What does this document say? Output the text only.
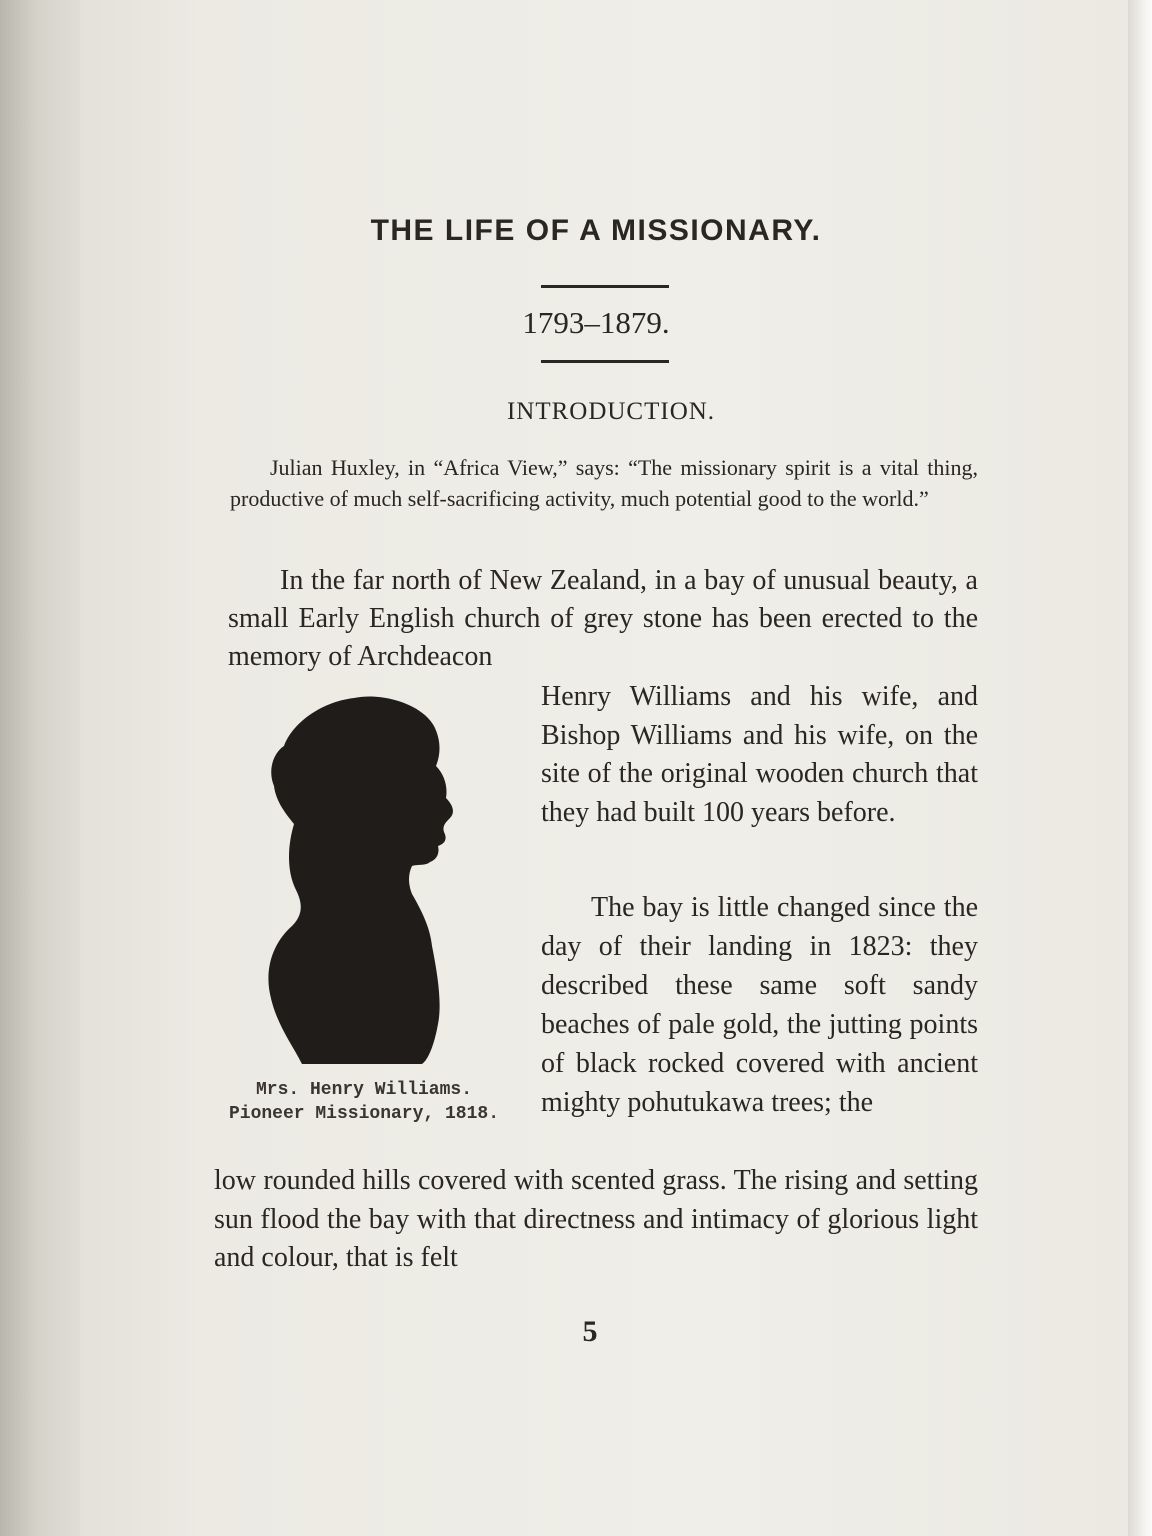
THE LIFE OF A MISSIONARY.
1793–1879.
INTRODUCTION.
Julian Huxley, in “Africa View,” says: “The missionary spirit is a vital thing, productive of much self-sacrificing activity, much potential good to the world.”
In the far north of New Zealand, in a bay of unusual beauty, a small Early English church of grey stone has been erected to the memory of Archdeacon
Henry Williams and his wife, and Bishop Williams and his wife, on the site of the original wooden church that they had built 100 years before.
Mrs. Henry Williams.
Pioneer Missionary, 1818.
The bay is little changed since the day of their landing in 1823: they described these same soft sandy beaches of pale gold, the jutting points of black rocked covered with ancient mighty pohutukawa trees; the
low rounded hills covered with scented grass. The rising and setting sun flood the bay with that directness and intimacy of glorious light and colour, that is felt
5
